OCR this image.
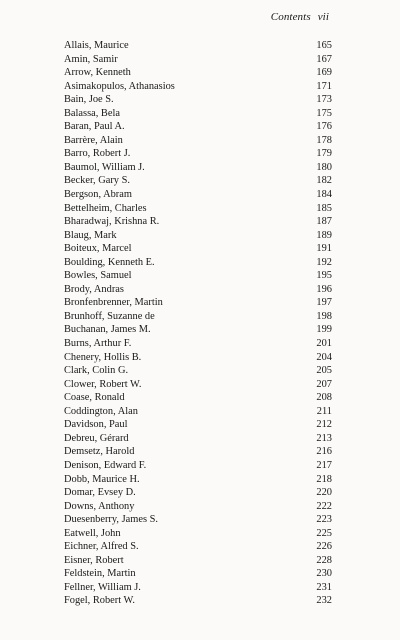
Contents vii
Allais, Maurice	165
Amin, Samir	167
Arrow, Kenneth	169
Asimakopulos, Athanasios	171
Bain, Joe S.	173
Balassa, Bela	175
Baran, Paul A.	176
Barrère, Alain	178
Barro, Robert J.	179
Baumol, William J.	180
Becker, Gary S.	182
Bergson, Abram	184
Bettelheim, Charles	185
Bharadwaj, Krishna R.	187
Blaug, Mark	189
Boiteux, Marcel	191
Boulding, Kenneth E.	192
Bowles, Samuel	195
Brody, Andras	196
Bronfenbrenner, Martin	197
Brunhoff, Suzanne de	198
Buchanan, James M.	199
Burns, Arthur F.	201
Chenery, Hollis B.	204
Clark, Colin G.	205
Clower, Robert W.	207
Coase, Ronald	208
Coddington, Alan	211
Davidson, Paul	212
Debreu, Gérard	213
Demsetz, Harold	216
Denison, Edward F.	217
Dobb, Maurice H.	218
Domar, Evsey D.	220
Downs, Anthony	222
Duesenberry, James S.	223
Eatwell, John	225
Eichner, Alfred S.	226
Eisner, Robert	228
Feldstein, Martin	230
Fellner, William J.	231
Fogel, Robert W.	232
